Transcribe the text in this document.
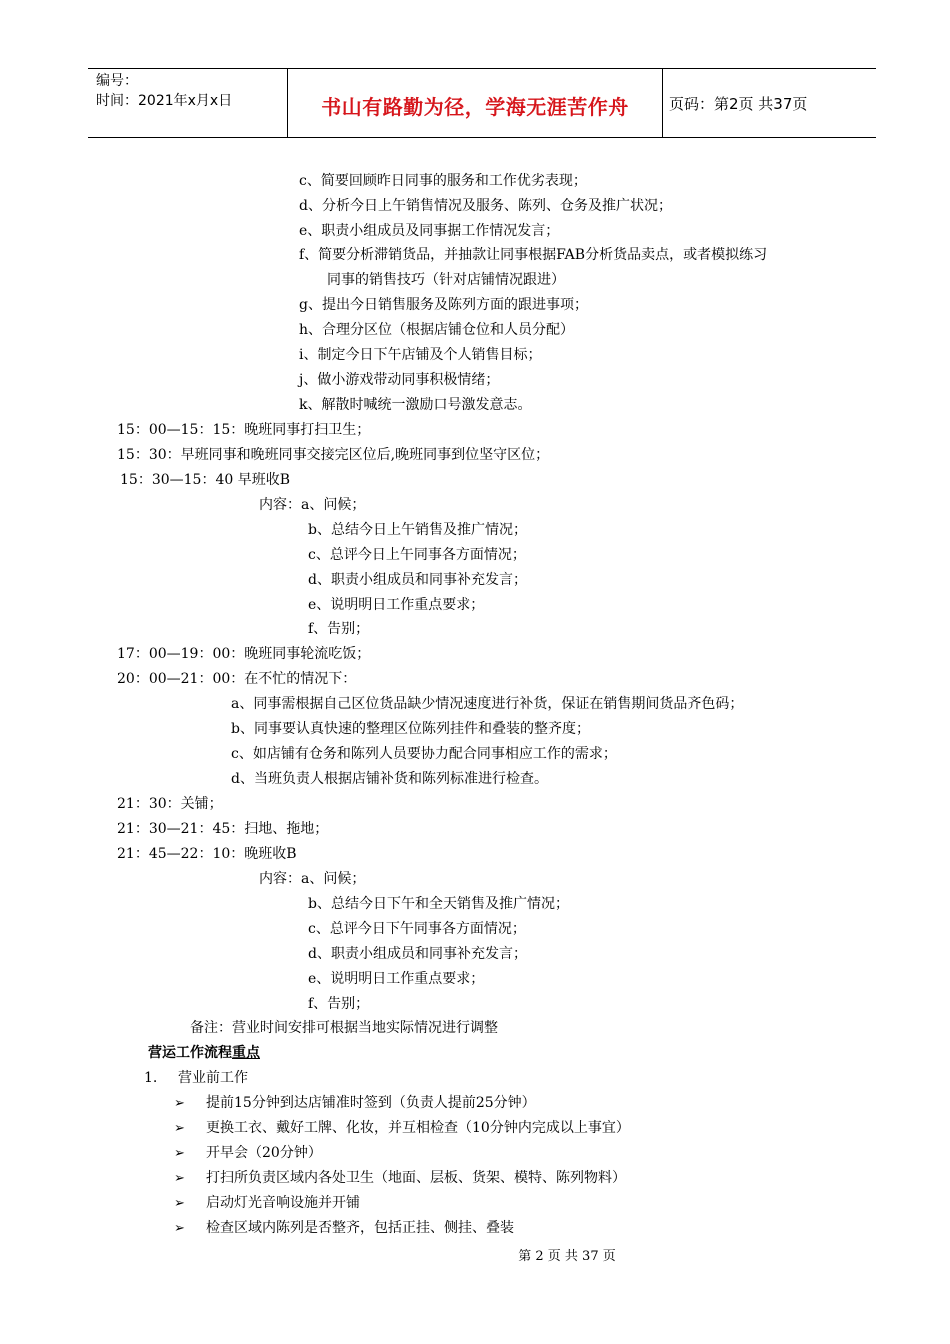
编号：
时间：2021年x月x日	书山有路勤为径，学海无涯苦作舟	页码：第2页 共37页
c、简要回顾昨日同事的服务和工作优劣表现；
d、分析今日上午销售情况及服务、陈列、仓务及推广状况；
e、职责小组成员及同事据工作情况发言；
f、简要分析滞销货品，并抽款让同事根据FAB分析货品卖点，或者模拟练习
同事的销售技巧（针对店铺情况跟进）
g、提出今日销售服务及陈列方面的跟进事项；
h、合理分区位（根据店铺仓位和人员分配）
i、制定今日下午店铺及个人销售目标；
j、做小游戏带动同事积极情绪；
k、解散时喊统一激励口号激发意志。
15：00—15：15：晚班同事打扫卫生；
15：30：早班同事和晚班同事交接完区位后,晚班同事到位坚守区位；
15：30—15：40 早班收B
内容：a、问候；
b、总结今日上午销售及推广情况；
c、总评今日上午同事各方面情况；
d、职责小组成员和同事补充发言；
e、说明明日工作重点要求；
f、告别；
17：00—19：00：晚班同事轮流吃饭；
20：00—21：00：在不忙的情况下：
a、同事需根据自己区位货品缺少情况速度进行补货，保证在销售期间货品齐色码；
b、同事要认真快速的整理区位陈列挂件和叠装的整齐度；
c、如店铺有仓务和陈列人员要协力配合同事相应工作的需求；
d、当班负责人根据店铺补货和陈列标准进行检查。
21：30：关铺；
21：30—21：45：扫地、拖地；
21：45—22：10：晚班收B
内容：a、问候；
b、总结今日下午和全天销售及推广情况；
c、总评今日下午同事各方面情况；
d、职责小组成员和同事补充发言；
e、说明明日工作重点要求；
f、告别；
备注：营业时间安排可根据当地实际情况进行调整
营运工作流程重点
1. 营业前工作
➢ 提前15分钟到达店铺准时签到（负责人提前25分钟）
➢ 更换工衣、戴好工牌、化妆，并互相检查（10分钟内完成以上事宜）
➢ 开早会（20分钟）
➢ 打扫所负责区域内各处卫生（地面、层板、货架、模特、陈列物料）
➢ 启动灯光音响设施并开铺
➢ 检查区域内陈列是否整齐，包括正挂、侧挂、叠装
第 2 页 共 37 页
